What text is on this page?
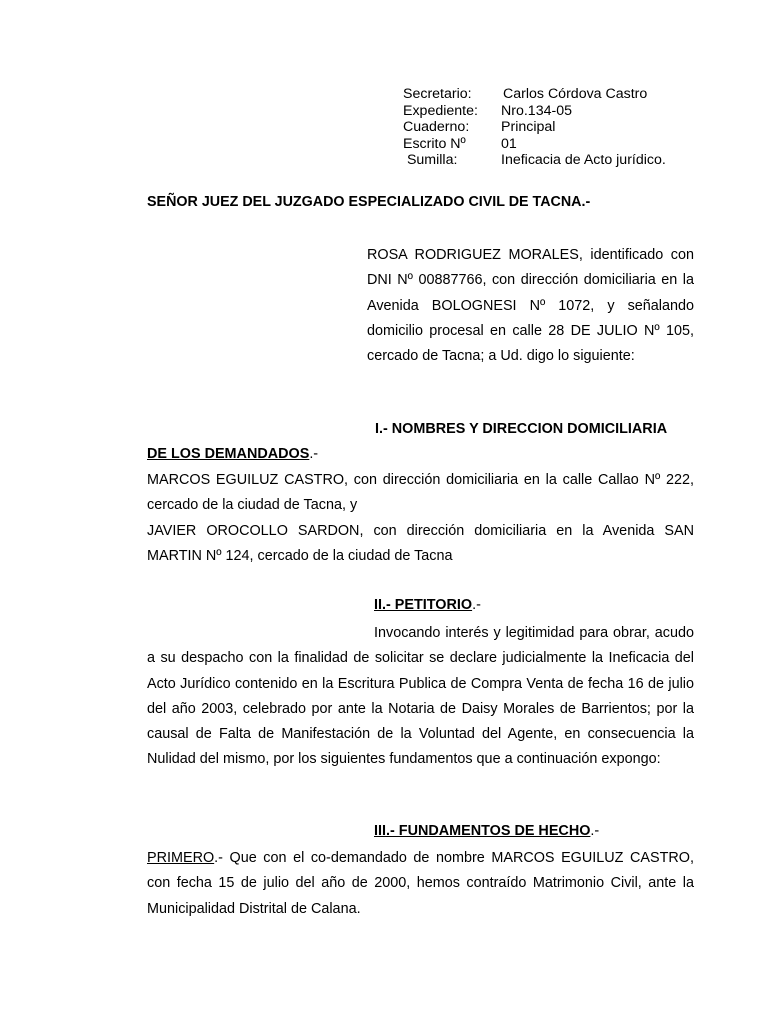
Secretario:	Carlos Córdova Castro
Expediente:	Nro.134-05
Cuaderno:	Principal
Escrito Nº	01
Sumilla:	Ineficacia de Acto jurídico.
SEÑOR JUEZ DEL JUZGADO ESPECIALIZADO CIVIL DE TACNA.-
ROSA RODRIGUEZ MORALES, identificado con DNI Nº 00887766, con dirección domiciliaria en la Avenida BOLOGNESI Nº 1072, y señalando domicilio procesal en calle 28 DE JULIO Nº 105, cercado de Tacna; a Ud. digo lo siguiente:
I.- NOMBRES Y DIRECCION DOMICILIARIA
DE LOS DEMANDADOS.-
MARCOS EGUILUZ CASTRO, con dirección domiciliaria en la calle Callao Nº 222, cercado de la ciudad de Tacna, y
JAVIER OROCOLLO SARDON, con dirección domiciliaria en la Avenida SAN MARTIN Nº 124, cercado de la ciudad de Tacna
II.- PETITORIO.-
Invocando interés y legitimidad para obrar, acudo a su despacho con la finalidad de solicitar se declare judicialmente la Ineficacia del Acto Jurídico contenido en la Escritura Publica de Compra Venta de fecha 16 de julio del año 2003, celebrado por ante la Notaria de Daisy Morales de Barrientos; por la causal de Falta de Manifestación de la Voluntad del Agente, en consecuencia la Nulidad del mismo, por los siguientes fundamentos que a continuación expongo:
III.- FUNDAMENTOS DE HECHO.-
PRIMERO.- Que con el co-demandado de nombre MARCOS EGUILUZ CASTRO, con fecha 15 de julio del año de 2000, hemos contraído Matrimonio Civil, ante la Municipalidad Distrital de Calana.
